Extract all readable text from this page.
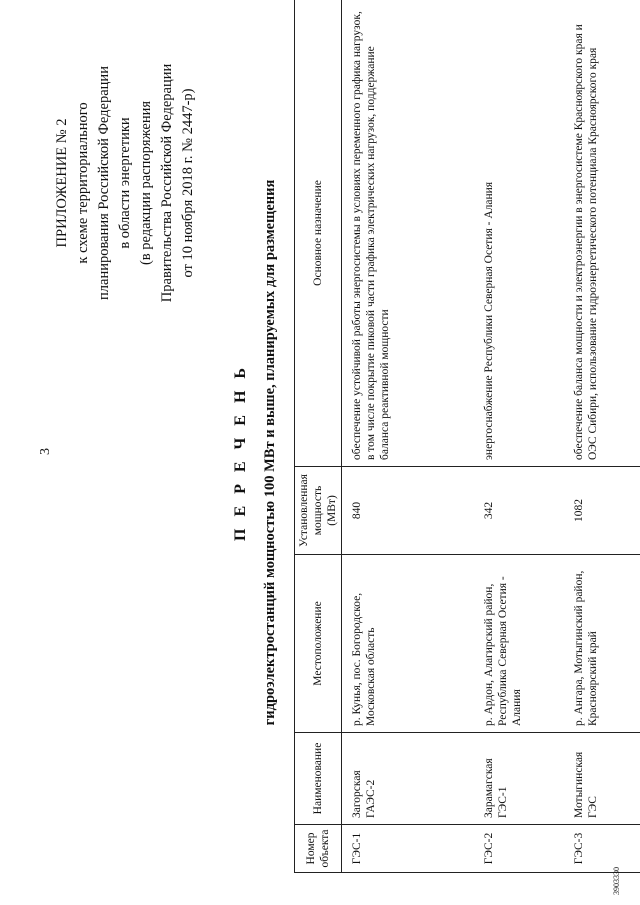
3
ПРИЛОЖЕНИЕ № 2 к схеме территориального планирования Российской Федерации в области энергетики (в редакции распоряжения Правительства Российской Федерации от 10 ноября 2018 г. № 2447-р)
П Е Р Е Ч Е Н Ь гидроэлектростанций мощностью 100 МВт и выше, планируемых для размещения
Номер объекта	Наименование	Местоположение	Установленная мощность (МВт)	Основное назначение
ГЭС-1	Загорская ГАЭС-2	р. Кунья, пос. Богородское, Московская область	840	обеспечение устойчивой работы энергосистемы в условиях переменного графика нагрузок, в том числе покрытие пиковой части графика электрических нагрузок, поддержание баланса реактивной мощности
ГЭС-2	Зарамагская ГЭС-1	р. Ардон, Алагирский район, Республика Северная Осетия - Алания	342	энергоснабжение Республики Северная Осетия - Алания
ГЭС-3	Мотыгинская ГЭС	р. Ангара, Мотыгинский район, Красноярский край	1082	обеспечение баланса мощности и электроэнергии в энергосистеме Красноярского края и ОЭС Сибири, использование гидроэнергетического потенциала Красноярского края
3903330
